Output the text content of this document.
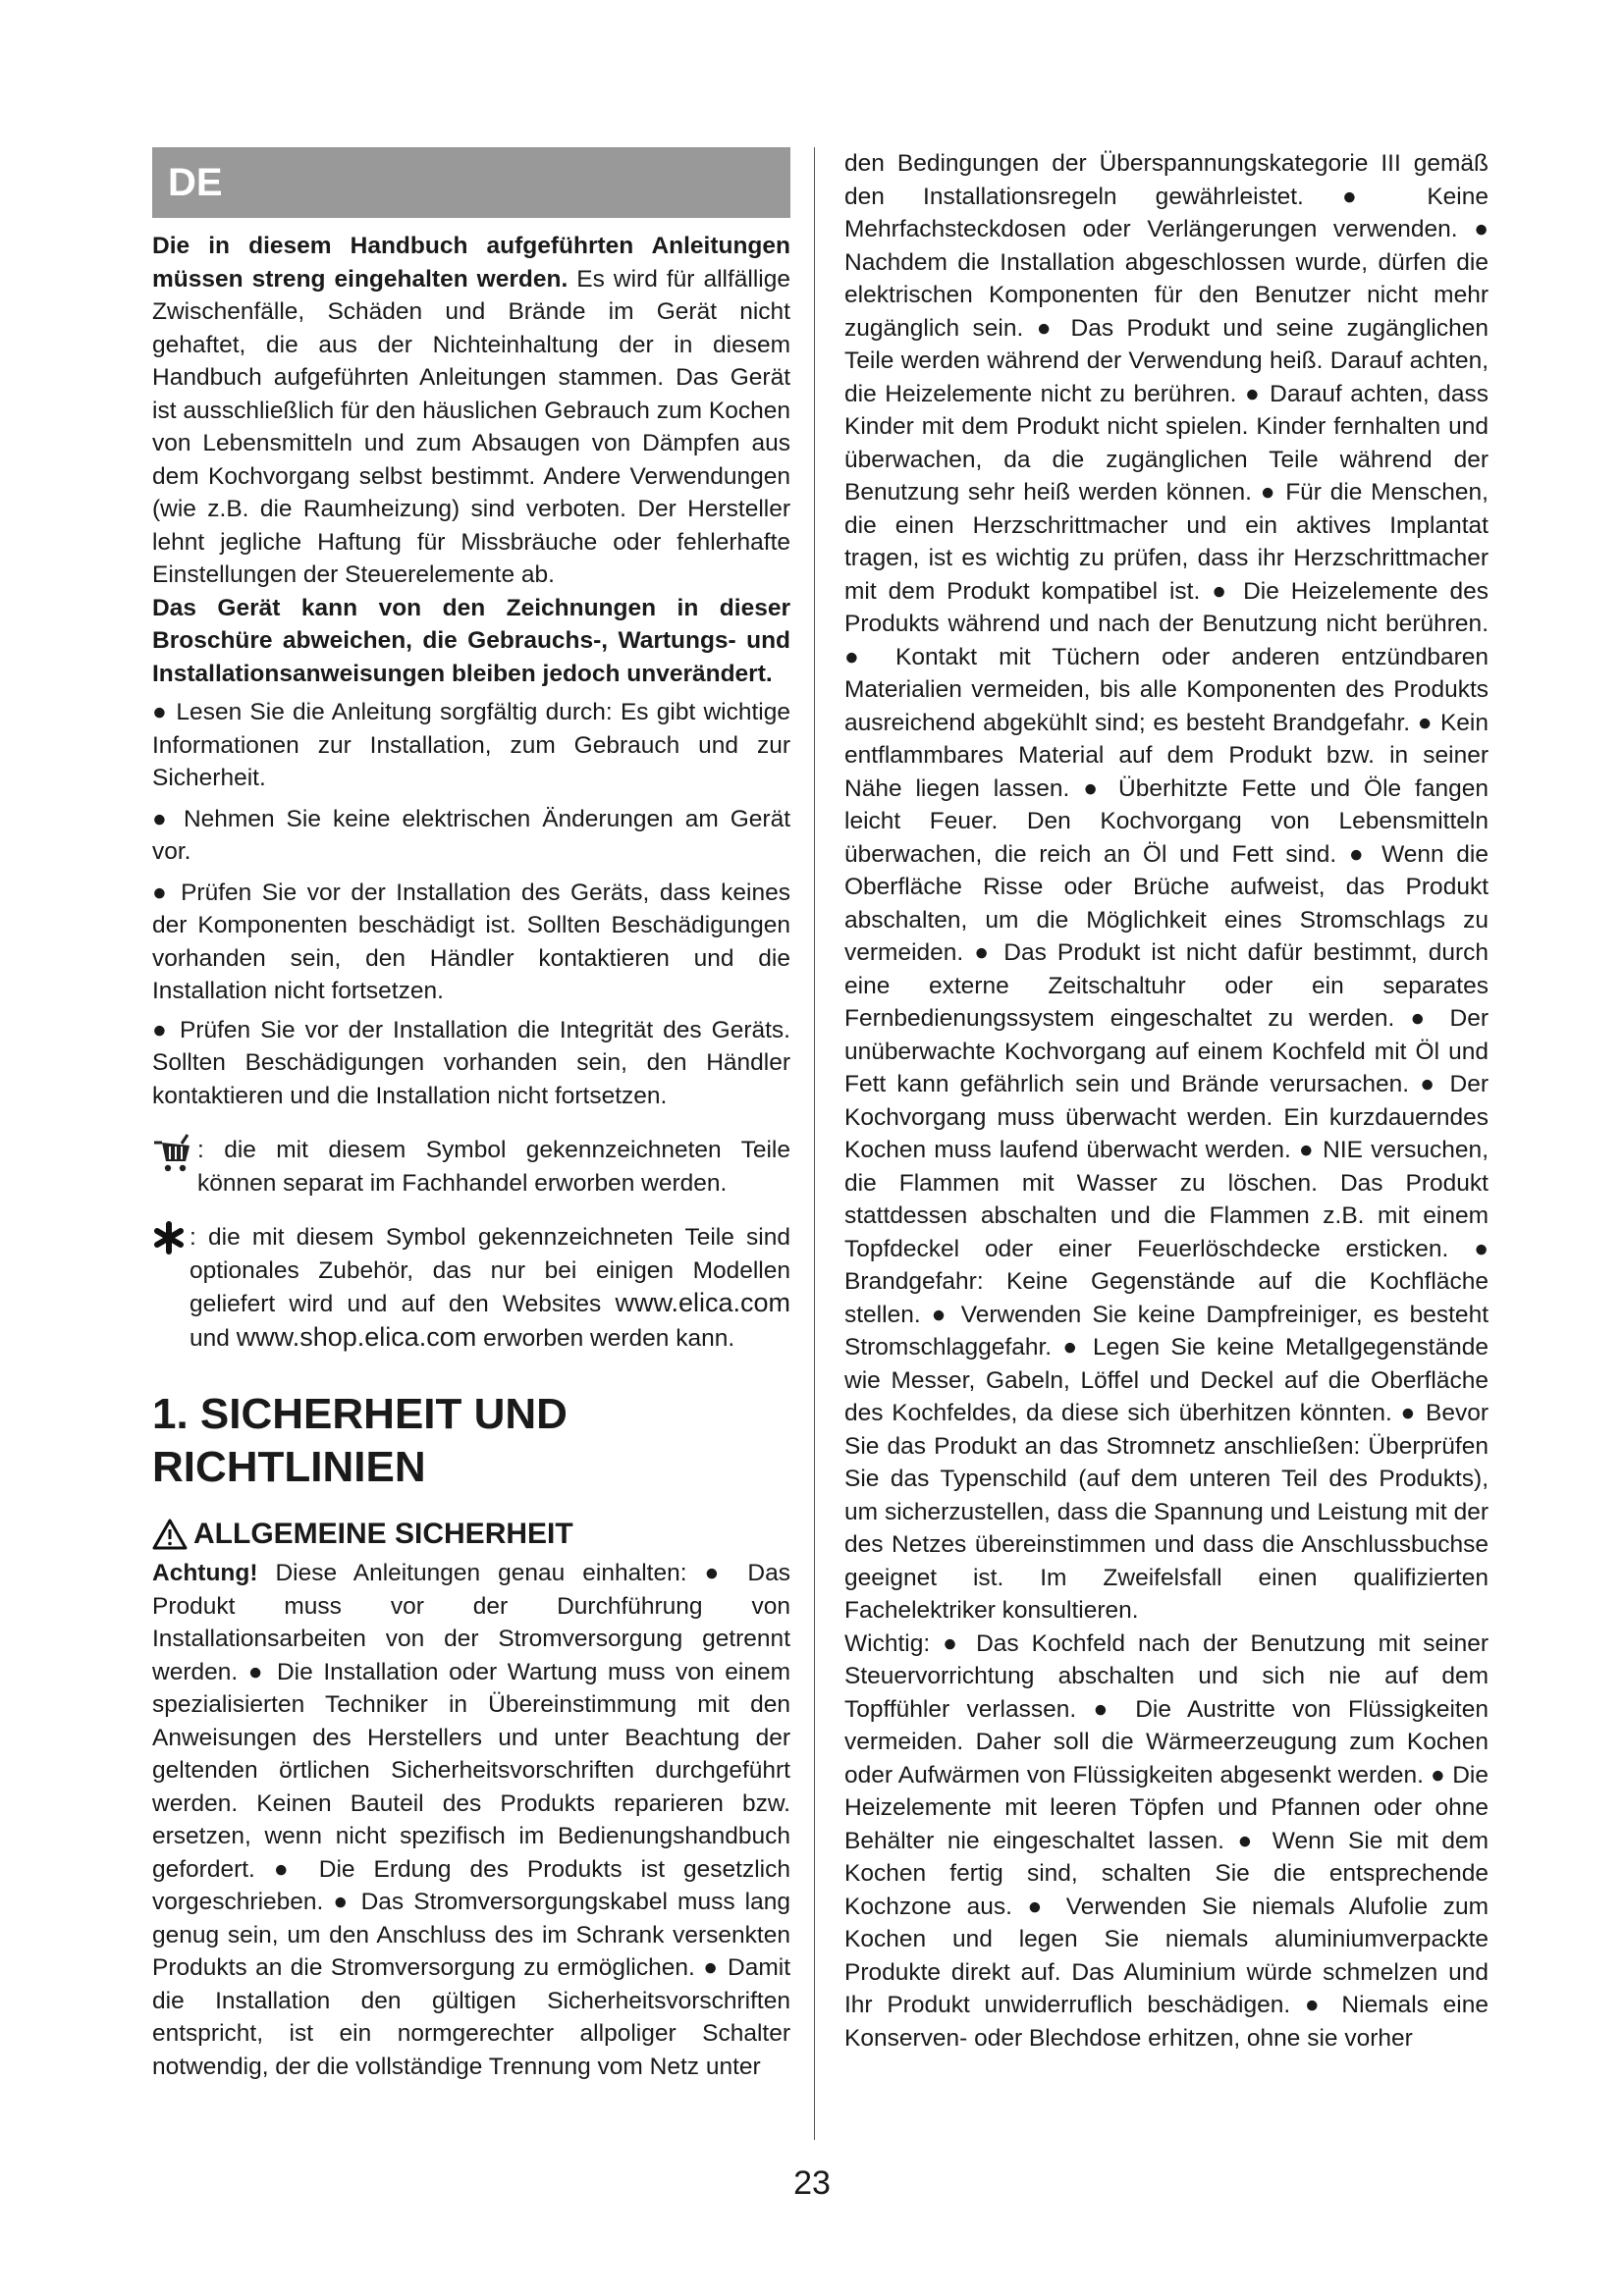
DE

Die in diesem Handbuch aufgeführten Anleitungen müssen streng eingehalten werden. Es wird für allfällige Zwischenfälle, Schäden und Brände im Gerät nicht gehaftet, die aus der Nichteinhaltung der in diesem Handbuch aufgeführten Anleitungen stammen. Das Gerät ist ausschließlich für den häuslichen Gebrauch zum Kochen von Lebensmitteln und zum Absaugen von Dämpfen aus dem Kochvorgang selbst bestimmt. Andere Verwendungen (wie z.B. die Raumheizung) sind verboten. Der Hersteller lehnt jegliche Haftung für Missbräuche oder fehlerhafte Einstellungen der Steuerelemente ab.

Das Gerät kann von den Zeichnungen in dieser Broschüre abweichen, die Gebrauchs-, Wartungs- und Installationsanweisungen bleiben jedoch unverändert.

● Lesen Sie die Anleitung sorgfältig durch: Es gibt wichtige Informationen zur Installation, zum Gebrauch und zur Sicherheit.

● Nehmen Sie keine elektrischen Änderungen am Gerät vor.

● Prüfen Sie vor der Installation des Geräts, dass keines der Komponenten beschädigt ist. Sollten Beschädigungen vorhanden sein, den Händler kontaktieren und die Installation nicht fortsetzen.

● Prüfen Sie vor der Installation die Integrität des Geräts. Sollten Beschädigungen vorhanden sein, den Händler kontaktieren und die Installation nicht fortsetzen.

: die mit diesem Symbol gekennzeichneten Teile können separat im Fachhandel erworben werden.

: die mit diesem Symbol gekennzeichneten Teile sind optionales Zubehör, das nur bei einigen Modellen geliefert wird und auf den Websites www.elica.com und www.shop.elica.com erworben werden kann.

1. SICHERHEIT UND RICHTLINIEN

ALLGEMEINE SICHERHEIT

Achtung! Diese Anleitungen genau einhalten: ● Das Produkt muss vor der Durchführung von Installationsarbeiten von der Stromversorgung getrennt werden. ● Die Installation oder Wartung muss von einem spezialisierten Techniker in Übereinstimmung mit den Anweisungen des Herstellers und unter Beachtung der geltenden örtlichen Sicherheitsvorschriften durchgeführt werden. Keinen Bauteil des Produkts reparieren bzw. ersetzen, wenn nicht spezifisch im Bedienungshandbuch gefordert. ● Die Erdung des Produkts ist gesetzlich vorgeschrieben. ● Das Stromversorgungskabel muss lang genug sein, um den Anschluss des im Schrank versenkten Produkts an die Stromversorgung zu ermöglichen. ● Damit die Installation den gültigen Sicherheitsvorschriften entspricht, ist ein normgerechter allpoliger Schalter notwendig, der die vollständige Trennung vom Netz unter

den Bedingungen der Überspannungskategorie III gemäß den Installationsregeln gewährleistet. ● Keine Mehrfachsteckdosen oder Verlängerungen verwenden. ● Nachdem die Installation abgeschlossen wurde, dürfen die elektrischen Komponenten für den Benutzer nicht mehr zugänglich sein. ● Das Produkt und seine zugänglichen Teile werden während der Verwendung heiß. Darauf achten, die Heizelemente nicht zu berühren. ● Darauf achten, dass Kinder mit dem Produkt nicht spielen. Kinder fernhalten und überwachen, da die zugänglichen Teile während der Benutzung sehr heiß werden können. ● Für die Menschen, die einen Herzschrittmacher und ein aktives Implantat tragen, ist es wichtig zu prüfen, dass ihr Herzschrittmacher mit dem Produkt kompatibel ist. ● Die Heizelemente des Produkts während und nach der Benutzung nicht berühren. ● Kontakt mit Tüchern oder anderen entzündbaren Materialien vermeiden, bis alle Komponenten des Produkts ausreichend abgekühlt sind; es besteht Brandgefahr. ● Kein entflammbares Material auf dem Produkt bzw. in seiner Nähe liegen lassen. ● Überhitzte Fette und Öle fangen leicht Feuer. Den Kochvorgang von Lebensmitteln überwachen, die reich an Öl und Fett sind. ● Wenn die Oberfläche Risse oder Brüche aufweist, das Produkt abschalten, um die Möglichkeit eines Stromschlags zu vermeiden. ● Das Produkt ist nicht dafür bestimmt, durch eine externe Zeitschaltuhr oder ein separates Fernbedienungssystem eingeschaltet zu werden. ● Der unüberwachte Kochvorgang auf einem Kochfeld mit Öl und Fett kann gefährlich sein und Brände verursachen. ● Der Kochvorgang muss überwacht werden. Ein kurzdauerndes Kochen muss laufend überwacht werden. ● NIE versuchen, die Flammen mit Wasser zu löschen. Das Produkt stattdessen abschalten und die Flammen z.B. mit einem Topfdeckel oder einer Feuerlöschdecke ersticken. ● Brandgefahr: Keine Gegenstände auf die Kochfläche stellen. ● Verwenden Sie keine Dampfreiniger, es besteht Stromschlaggefahr. ● Legen Sie keine Metallgegenstände wie Messer, Gabeln, Löffel und Deckel auf die Oberfläche des Kochfeldes, da diese sich überhitzen könnten. ● Bevor Sie das Produkt an das Stromnetz anschließen: Überprüfen Sie das Typenschild (auf dem unteren Teil des Produkts), um sicherzustellen, dass die Spannung und Leistung mit der des Netzes übereinstimmen und dass die Anschlussbuchse geeignet ist. Im Zweifelsfall einen qualifizierten Fachelektriker konsultieren.

Wichtig: ● Das Kochfeld nach der Benutzung mit seiner Steuervorrichtung abschalten und sich nie auf dem Topffühler verlassen. ● Die Austritte von Flüssigkeiten vermeiden. Daher soll die Wärmeerzeugung zum Kochen oder Aufwärmen von Flüssigkeiten abgesenkt werden. ● Die Heizelemente mit leeren Töpfen und Pfannen oder ohne Behälter nie eingeschaltet lassen. ● Wenn Sie mit dem Kochen fertig sind, schalten Sie die entsprechende Kochzone aus. ● Verwenden Sie niemals Alufolie zum Kochen und legen Sie niemals aluminiumverpackte Produkte direkt auf. Das Aluminium würde schmelzen und Ihr Produkt unwiderruflich beschädigen. ● Niemals eine Konserven- oder Blechdose erhitzen, ohne sie vorher

23
